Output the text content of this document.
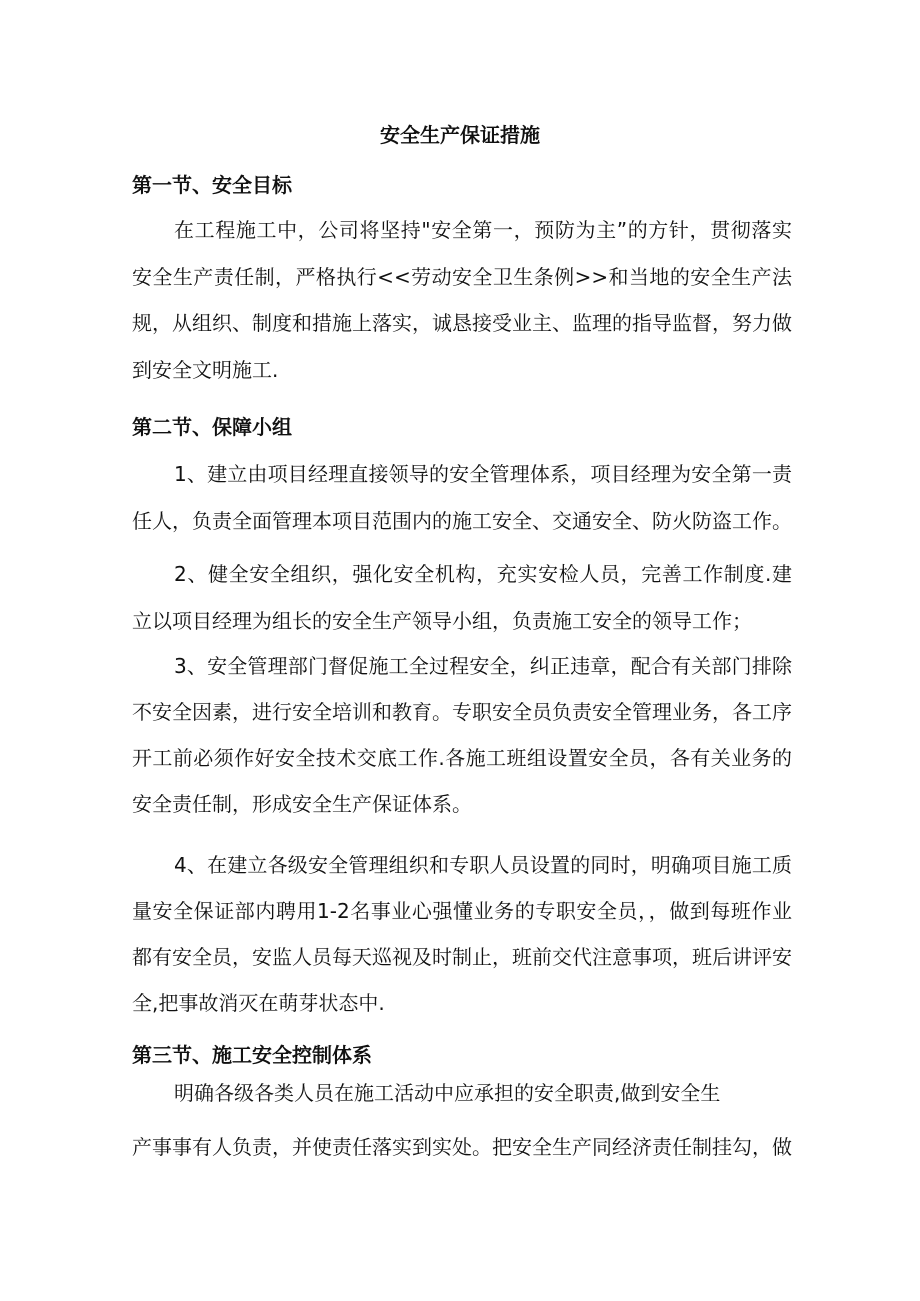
安全生产保证措施
第一节、安全目标
在工程施工中，公司将坚持"安全第一，预防为主”的方针，贯彻落实安全生产责任制，严格执行<<劳动安全卫生条例>>和当地的安全生产法规，从组织、制度和措施上落实，诚恳接受业主、监理的指导监督，努力做到安全文明施工.
第二节、保障小组
1、建立由项目经理直接领导的安全管理体系，项目经理为安全第一责任人，负责全面管理本项目范围内的施工安全、交通安全、防火防盗工作。
2、健全安全组织，强化安全机构，充实安检人员，完善工作制度.建立以项目经理为组长的安全生产领导小组，负责施工安全的领导工作；
3、安全管理部门督促施工全过程安全，纠正违章，配合有关部门排除不安全因素，进行安全培训和教育。专职安全员负责安全管理业务，各工序开工前必须作好安全技术交底工作.各施工班组设置安全员，各有关业务的安全责任制，形成安全生产保证体系。
4、在建立各级安全管理组织和专职人员设置的同时，明确项目施工质量安全保证部内聘用1-2名事业心强懂业务的专职安全员，，做到每班作业都有安全员，安监人员每天巡视及时制止，班前交代注意事项，班后讲评安全,把事故消灭在萌芽状态中.
第三节、施工安全控制体系
明确各级各类人员在施工活动中应承担的安全职责,做到安全生
产事事有人负责，并使责任落实到实处。把安全生产同经济责任制挂勾，做
